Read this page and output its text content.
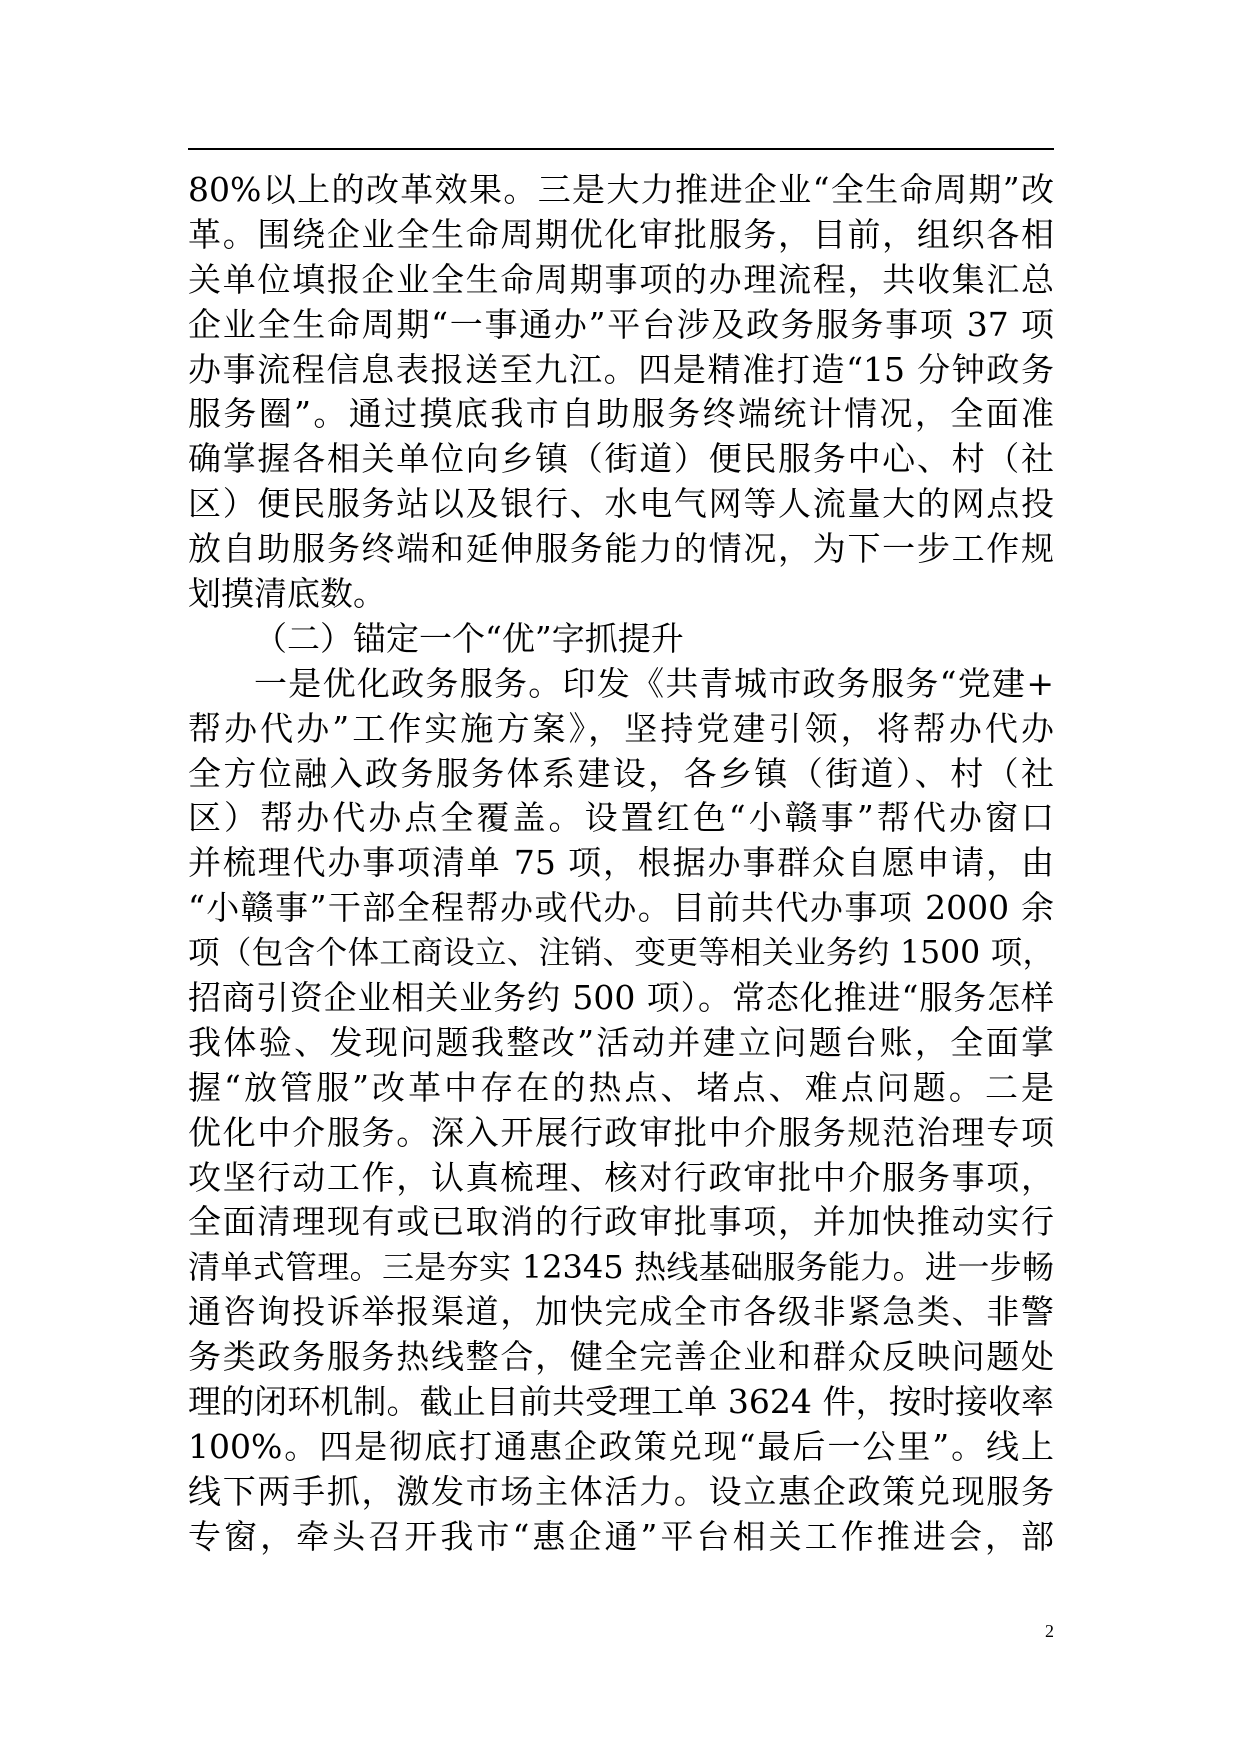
80%以上的改革效果。三是大力推进企业“全生命周期”改
革。围绕企业全生命周期优化审批服务，目前，组织各相
关单位填报企业全生命周期事项的办理流程，共收集汇总
企业全生命周期“一事通办”平台涉及政务服务事项 37 项
办事流程信息表报送至九江。四是精准打造“15 分钟政务
服务圈”。通过摸底我市自助服务终端统计情况，全面准
确掌握各相关单位向乡镇（街道）便民服务中心、村（社
区）便民服务站以及银行、水电气网等人流量大的网点投
放自助服务终端和延伸服务能力的情况，为下一步工作规
划摸清底数。
（二）锚定一个“优”字抓提升
一是优化政务服务。印发《共青城市政务服务“党建+
帮办代办”工作实施方案》，坚持党建引领，将帮办代办
全方位融入政务服务体系建设，各乡镇（街道）、村（社
区）帮办代办点全覆盖。设置红色“小赣事”帮代办窗口
并梳理代办事项清单 75 项，根据办事群众自愿申请，由
“小赣事”干部全程帮办或代办。目前共代办事项 2000 余
项（包含个体工商设立、注销、变更等相关业务约 1500 项，
招商引资企业相关业务约 500 项）。常态化推进“服务怎样
我体验、发现问题我整改”活动并建立问题台账，全面掌
握“放管服”改革中存在的热点、堵点、难点问题。二是
优化中介服务。深入开展行政审批中介服务规范治理专项
攻坚行动工作，认真梳理、核对行政审批中介服务事项，
全面清理现有或已取消的行政审批事项，并加快推动实行
清单式管理。三是夯实 12345 热线基础服务能力。进一步畅
通咨询投诉举报渠道，加快完成全市各级非紧急类、非警
务类政务服务热线整合，健全完善企业和群众反映问题处
理的闭环机制。截止目前共受理工单 3624 件，按时接收率
100%。四是彻底打通惠企政策兑现“最后一公里”。线上
线下两手抓，激发市场主体活力。设立惠企政策兑现服务
专窗，牵头召开我市“惠企通”平台相关工作推进会，部
2
